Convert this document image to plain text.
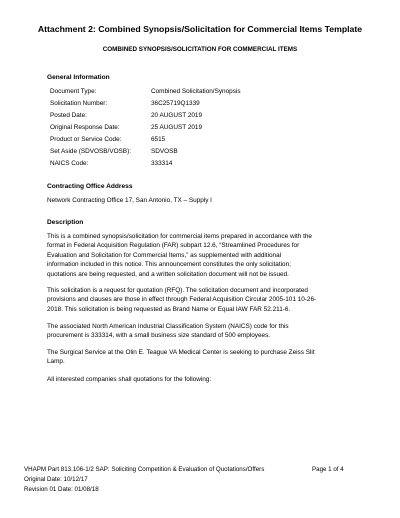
Attachment 2: Combined Synopsis/Solicitation for Commercial Items Template
COMBINED SYNOPSIS/SOLICITATION FOR COMMERCIAL ITEMS
General Information
Document Type:	Combined Solicitation/Synopsis
Solicitation Number:	36C25719Q1339
Posted Date:	20 AUGUST 2019
Original Response Date:	25 AUGUST 2019
Product or Service Code:	6515
Set Aside (SDVOSB/VOSB):	SDVOSB
NAICS Code:	333314
Contracting Office Address
Network Contracting Office 17, San Antonio, TX – Supply I
Description
This is a combined synopsis/solicitation for commercial items prepared in accordance with the
format in Federal Acquisition Regulation (FAR) subpart 12.6, “Streamlined Procedures for
Evaluation and Solicitation for Commercial Items,” as supplemented with additional
information included in this notice. This announcement constitutes the only solicitation;
quotations are being requested, and a written solicitation document will not be issued.
This solicitation is a request for quotation (RFQ). The solicitation document and incorporated
provisions and clauses are those in effect through Federal Acquisition Circular 2005-101 10-26-
2018. This solicitation is being requested as Brand Name or Equal IAW FAR 52.211-6.
The associated North American Industrial Classification System (NAICS) code for this
procurement is 333314, with a small business size standard of 500 employees.
The Surgical Service at the Olin E. Teague VA Medical Center is seeking to purchase Zeiss Slit
Lamp.
All interested companies shall quotations for the following:
VHAPM Part 813.106-1/2 SAP: Soliciting Competition & Evaluation of Quotations/Offers	Page 1 of 4
Original Date: 10/12/17
Revision 01 Date: 01/08/18
